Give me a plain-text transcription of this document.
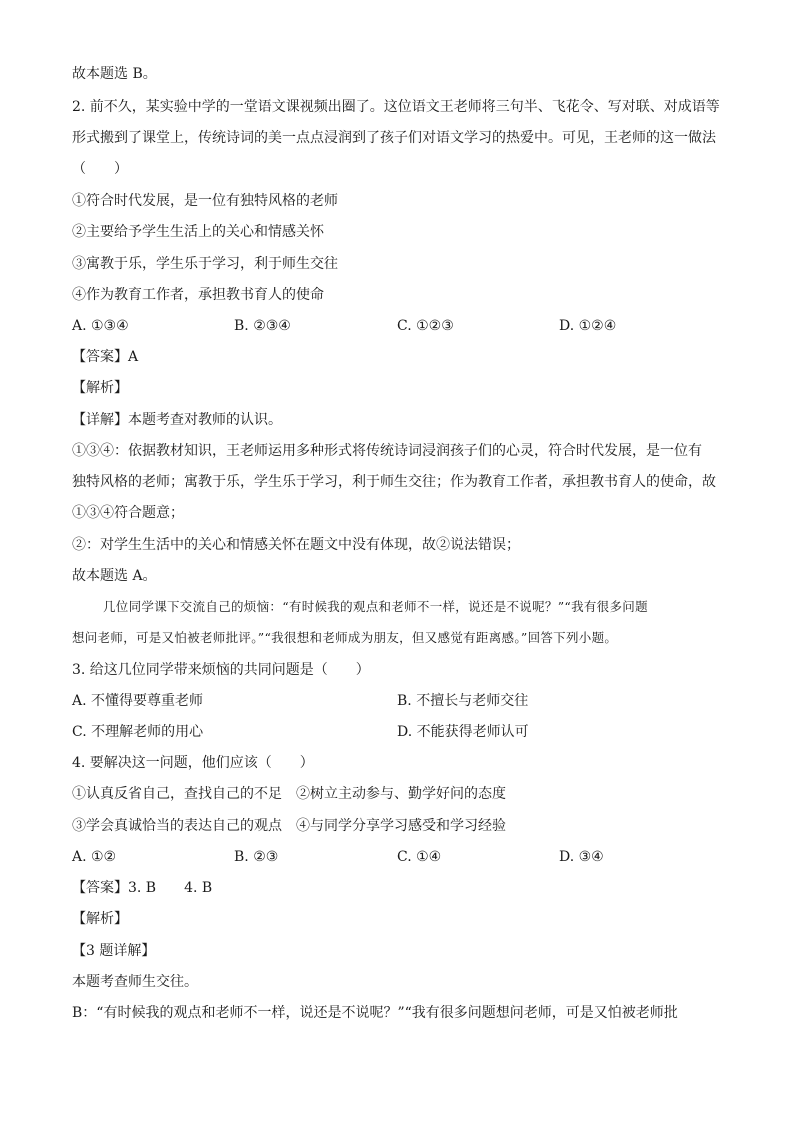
故本题选 B。
2. 前不久，某实验中学的一堂语文课视频出圈了。这位语文王老师将三句半、飞花令、写对联、对成语等
形式搬到了课堂上，传统诗词的美一点点浸润到了孩子们对语文学习的热爱中。可见，王老师的这一做法
（　　）
①符合时代发展，是一位有独特风格的老师
②主要给予学生生活上的关心和情感关怀
③寓教于乐，学生乐于学习，利于师生交往
④作为教育工作者，承担教书育人的使命
A. ①③④	B. ②③④	C. ①②③	D. ①②④
【答案】A
【解析】
【详解】本题考查对教师的认识。
①③④：依据教材知识，王老师运用多种形式将传统诗词浸润孩子们的心灵，符合时代发展，是一位有
独特风格的老师；寓教于乐，学生乐于学习，利于师生交往；作为教育工作者，承担教书育人的使命，故
①③④符合题意；
②：对学生生活中的关心和情感关怀在题文中没有体现，故②说法错误；
故本题选 A。
几位同学课下交流自己的烦恼：“有时候我的观点和老师不一样，说还是不说呢？”“我有很多问题
想问老师，可是又怕被老师批评。”“我很想和老师成为朋友，但又感觉有距离感。”回答下列小题。
3. 给这几位同学带来烦恼的共同问题是（　　）
A. 不懂得要尊重老师	B. 不擅长与老师交往
C. 不理解老师的用心	D. 不能获得老师认可
4. 要解决这一问题，他们应该（　　）
①认真反省自己，查找自己的不足　②树立主动参与、勤学好问的态度
③学会真诚恰当的表达自己的观点　④与同学分享学习感受和学习经验
A. ①②	B. ②③	C. ①④	D. ③④
【答案】3. B　　4. B
【解析】
【3 题详解】
本题考查师生交往。
B：“有时候我的观点和老师不一样，说还是不说呢？”“我有很多问题想问老师，可是又怕被老师批
